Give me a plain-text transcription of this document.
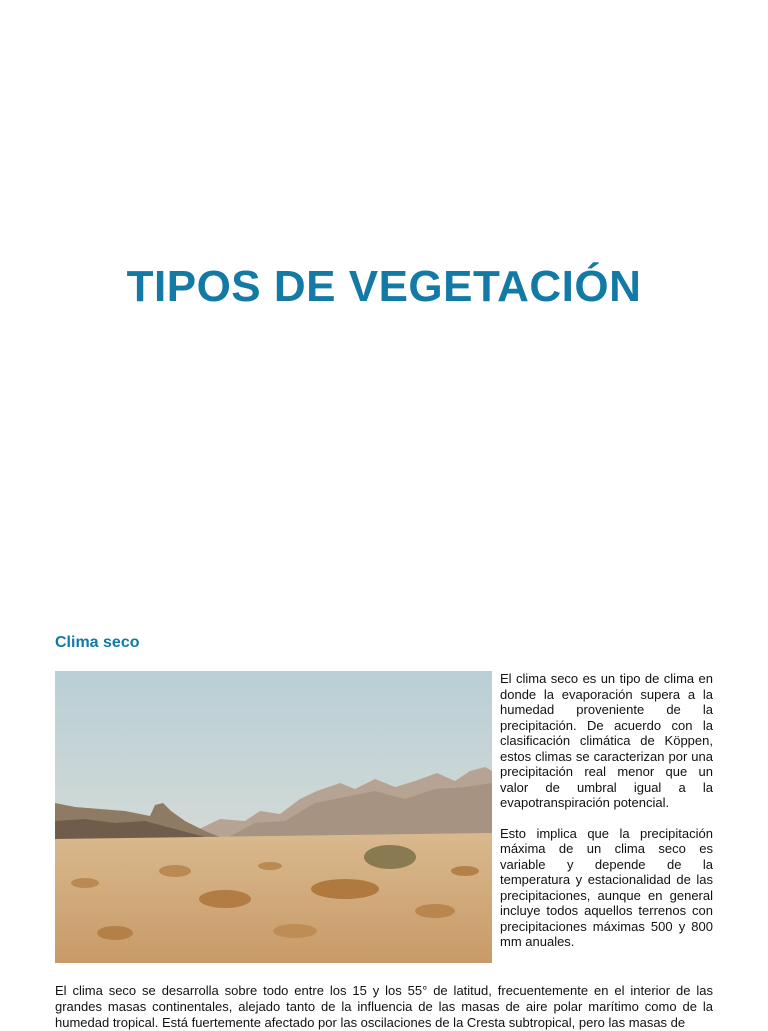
TIPOS DE VEGETACIÓN
Clima seco

El clima seco es un tipo de clima en donde la evaporación supera a la humedad proveniente de la precipitación. De acuerdo con la clasificación climática de Köppen, estos climas se caracterizan por una precipitación real menor que un valor de umbral igual a la evapotranspiración potencial.

Esto implica que la precipitación máxima de un clima seco es variable y depende de la temperatura y estacionalidad de las precipitaciones, aunque en general incluye todos aquellos terrenos con precipitaciones máximas 500 y 800 mm anuales.

El clima seco se desarrolla sobre todo entre los 15 y los 55° de latitud, frecuentemente en el interior de las grandes masas continentales, alejado tanto de la influencia de las masas de aire polar marítimo como de la humedad tropical. Está fuertemente afectado por las oscilaciones de la Cresta subtropical, pero las masas de
